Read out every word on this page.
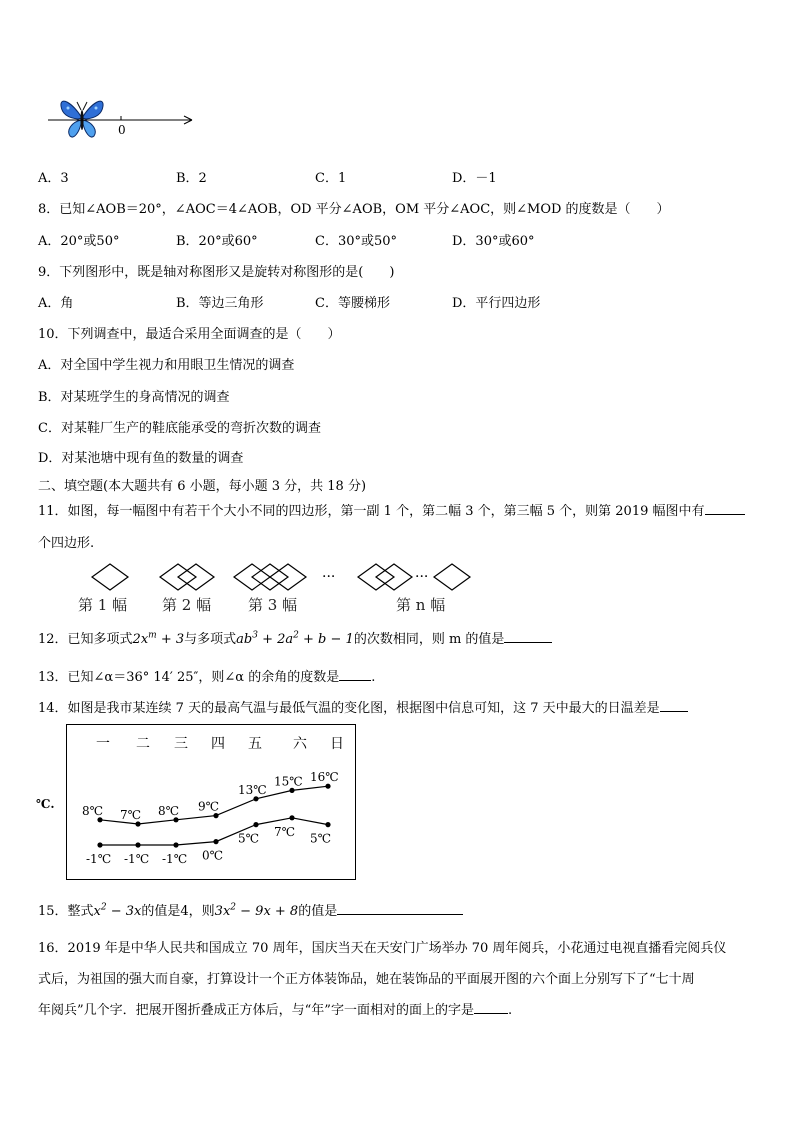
0
A．3	B．2	C．1	D．－1
8．已知∠AOB＝20°，∠AOC＝4∠AOB，OD 平分∠AOB，OM 平分∠AOC，则∠MOD 的度数是（　　）
A．20°或50°	B．20°或60°	C．30°或50°	D．30°或60°
9．下列图形中，既是轴对称图形又是旋转对称图形的是(　　)
A．角	B．等边三角形	C．等腰梯形	D．平行四边形
10．下列调查中，最适合采用全面调查的是（　　）
A．对全国中学生视力和用眼卫生情况的调查
B．对某班学生的身高情况的调查
C．对某鞋厂生产的鞋底能承受的弯折次数的调查
D．对某池塘中现有鱼的数量的调查
二、填空题(本大题共有 6 小题，每小题 3 分，共 18 分)
11．如图，每一幅图中有若干个大小不同的四边形，第一副 1 个，第二幅 3 个，第三幅 5 个，则第 2019 幅图中有
个四边形.
···	···
第 1 幅 第 2 幅 第 3 幅	第 n 幅
12．已知多项式$2x^m + 3$与多项式$ab^3 + 2a^2 + b - 1$的次数相同，则 m 的值是
13．已知∠α＝36° 14′ 25″，则∠α 的余角的度数是 .
14．如图是我市某连续 7 天的最高气温与最低气温的变化图，根据图中信息可知，这 7 天中最大的日温差是
℃.
一 二 三 四 五 六 日
8℃ 7℃ 8℃ 9℃
13℃
15℃ 16℃
-1℃ -1℃ -1℃ 0℃
5℃ 7℃ 5℃
15．整式$x^2 - 3x$的值是4，则$3x^2 - 9x + 8$的值是
16．2019 年是中华人民共和国成立 70 周年，国庆当天在天安门广场举办 70 周年阅兵，小花通过电视直播看完阅兵仪
式后，为祖国的强大而自豪，打算设计一个正方体装饰品，她在装饰品的平面展开图的六个面上分别写下了“七十周
年阅兵”几个字．把展开图折叠成正方体后，与“年”字一面相对的面上的字是	.
